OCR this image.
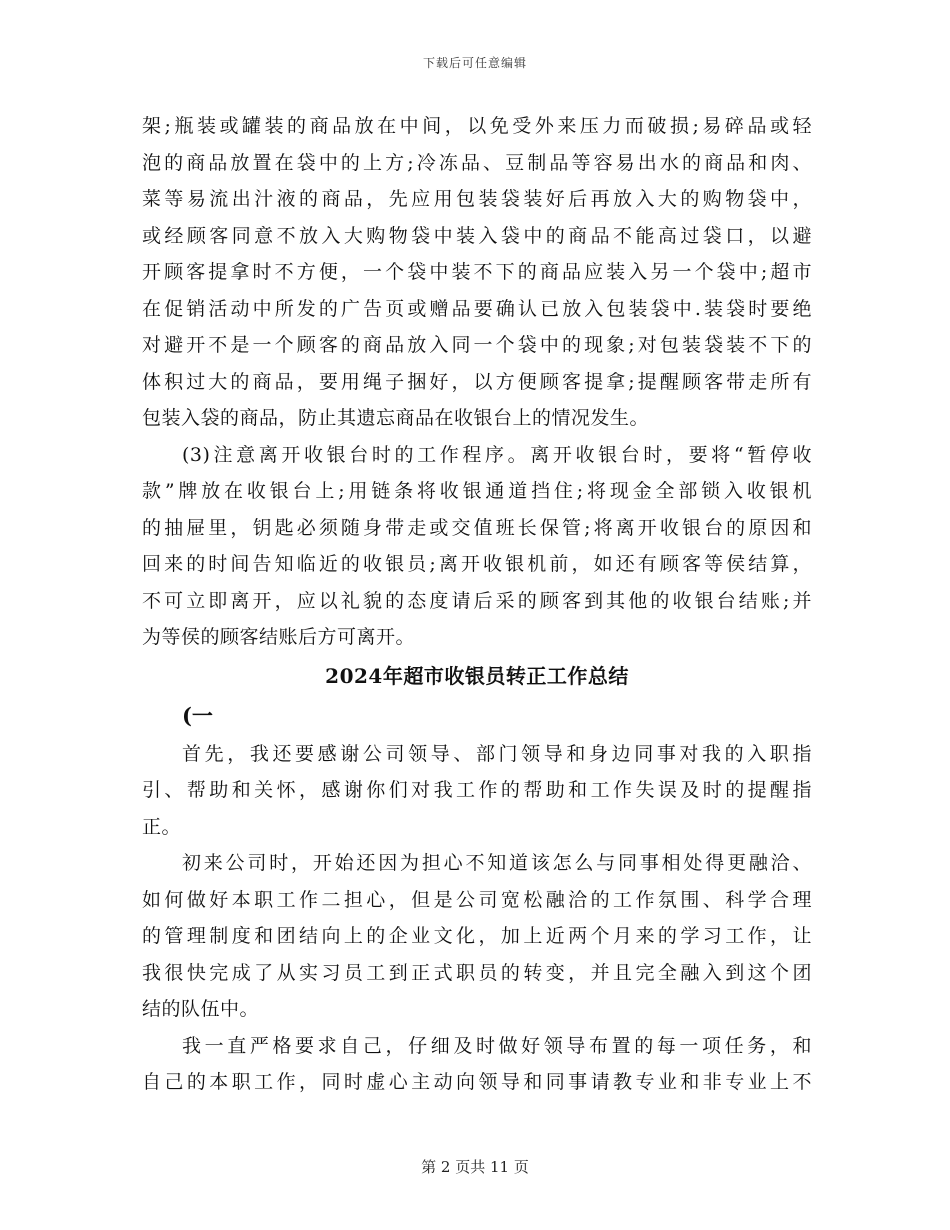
下载后可任意编辑
架;瓶装或罐装的商品放在中间，以免受外来压力而破损;易碎品或轻
泡的商品放置在袋中的上方;冷冻品、豆制品等容易出水的商品和肉、
菜等易流出汁液的商品，先应用包装袋装好后再放入大的购物袋中，
或经顾客同意不放入大购物袋中装入袋中的商品不能高过袋口，以避
开顾客提拿时不方便，一个袋中装不下的商品应装入另一个袋中;超市
在促销活动中所发的广告页或赠品要确认已放入包装袋中.装袋时要绝
对避开不是一个顾客的商品放入同一个袋中的现象;对包装袋装不下的
体积过大的商品，要用绳子捆好，以方便顾客提拿;提醒顾客带走所有
包装入袋的商品，防止其遗忘商品在收银台上的情况发生。
(3)注意离开收银台时的工作程序。离开收银台时，要将“暂停收
款”牌放在收银台上;用链条将收银通道挡住;将现金全部锁入收银机
的抽屉里，钥匙必须随身带走或交值班长保管;将离开收银台的原因和
回来的时间告知临近的收银员;离开收银机前，如还有顾客等侯结算，
不可立即离开，应以礼貌的态度请后采的顾客到其他的收银台结账;并
为等侯的顾客结账后方可离开。
2024年超市收银员转正工作总结
(一
首先，我还要感谢公司领导、部门领导和身边同事对我的入职指
引、帮助和关怀，感谢你们对我工作的帮助和工作失误及时的提醒指
正。
初来公司时，开始还因为担心不知道该怎么与同事相处得更融洽、
如何做好本职工作二担心，但是公司宽松融洽的工作氛围、科学合理
的管理制度和团结向上的企业文化，加上近两个月来的学习工作，让
我很快完成了从实习员工到正式职员的转变，并且完全融入到这个团
结的队伍中。
我一直严格要求自己，仔细及时做好领导布置的每一项任务，和
自己的本职工作，同时虚心主动向领导和同事请教专业和非专业上不
第 2 页共 11 页
